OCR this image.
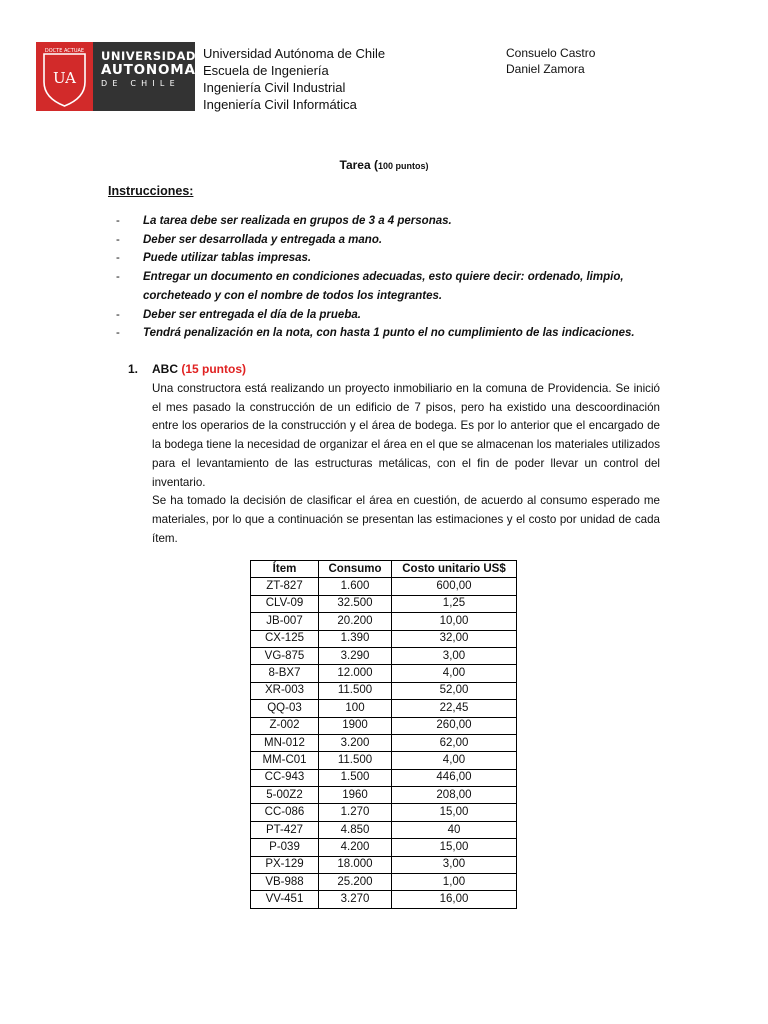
DOCTE ACTUAE
UA
UNIVERSIDAD
AUTONOMA
DE CHILE
Universidad Autónoma de Chile
Escuela de Ingeniería
Ingeniería Civil Industrial
Ingeniería Civil Informática
Consuelo Castro
Daniel Zamora
Tarea (100 puntos)
Instrucciones:
- La tarea debe ser realizada en grupos de 3 a 4 personas.
- Deber ser desarrollada y entregada a mano.
- Puede utilizar tablas impresas.
- Entregar un documento en condiciones adecuadas, esto quiere decir: ordenado, limpio, corcheteado y con el nombre de todos los integrantes.
- Deber ser entregada el día de la prueba.
- Tendrá penalización en la nota, con hasta 1 punto el no cumplimiento de las indicaciones.
1. ABC (15 puntos)

Una constructora está realizando un proyecto inmobiliario en la comuna de Providencia. Se inició el mes pasado la construcción de un edificio de 7 pisos, pero ha existido una descoordinación entre los operarios de la construcción y el área de bodega. Es por lo anterior que el encargado de la bodega tiene la necesidad de organizar el área en el que se almacenan los materiales utilizados para el levantamiento de las estructuras metálicas, con el fin de poder llevar un control del inventario.

Se ha tomado la decisión de clasificar el área en cuestión, de acuerdo al consumo esperado me materiales, por lo que a continuación se presentan las estimaciones y el costo por unidad de cada ítem.

Ítem	Consumo	Costo unitario US$
ZT-827	1.600	600,00
CLV-09	32.500	1,25
JB-007	20.200	10,00
CX-125	1.390	32,00
VG-875	3.290	3,00
8-BX7	12.000	4,00
XR-003	11.500	52,00
QQ-03	100	22,45
Z-002	1900	260,00
MN-012	3.200	62,00
MM-C01	11.500	4,00
CC-943	1.500	446,00
5-00Z2	1960	208,00
CC-086	1.270	15,00
PT-427	4.850	40
P-039	4.200	15,00
PX-129	18.000	3,00
VB-988	25.200	1,00
VV-451	3.270	16,00
